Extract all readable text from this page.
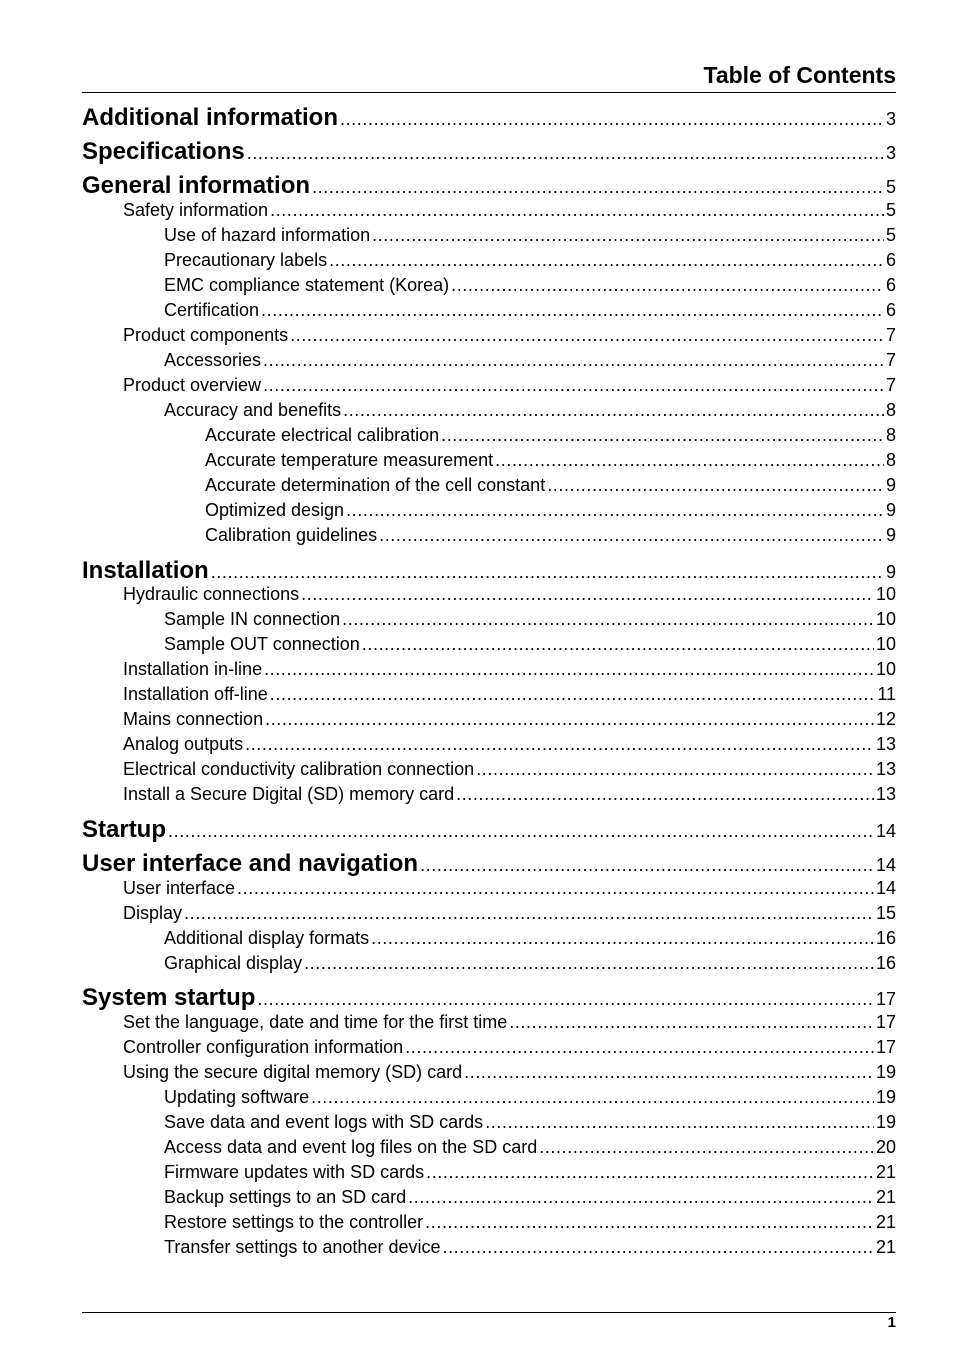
Table of Contents
Additional information .....	3
Specifications .....	3
General information .....	5
Safety information .....	5
Use of hazard information .....	5
Precautionary labels .....	6
EMC compliance statement (Korea) .....	6
Certification .....	6
Product components .....	7
Accessories .....	7
Product overview .....	7
Accuracy and benefits .....	8
Accurate electrical calibration .....	8
Accurate temperature measurement .....	8
Accurate determination of the cell constant .....	9
Optimized design .....	9
Calibration guidelines .....	9
Installation .....	9
Hydraulic connections .....	10
Sample IN connection .....	10
Sample OUT connection .....	10
Installation in-line .....	10
Installation off-line .....	11
Mains connection .....	12
Analog outputs .....	13
Electrical conductivity calibration connection .....	13
Install a Secure Digital (SD) memory card .....	13
Startup .....	14
User interface and navigation .....	14
User interface .....	14
Display .....	15
Additional display formats .....	16
Graphical display .....	16
System startup .....	17
Set the language, date and time for the first time .....	17
Controller configuration information .....	17
Using the secure digital memory (SD) card .....	19
Updating software .....	19
Save data and event logs with SD cards .....	19
Access data and event log files on the SD card .....	20
Firmware updates with SD cards .....	21
Backup settings to an SD card .....	21
Restore settings to the controller .....	21
Transfer settings to another device .....	21
1
